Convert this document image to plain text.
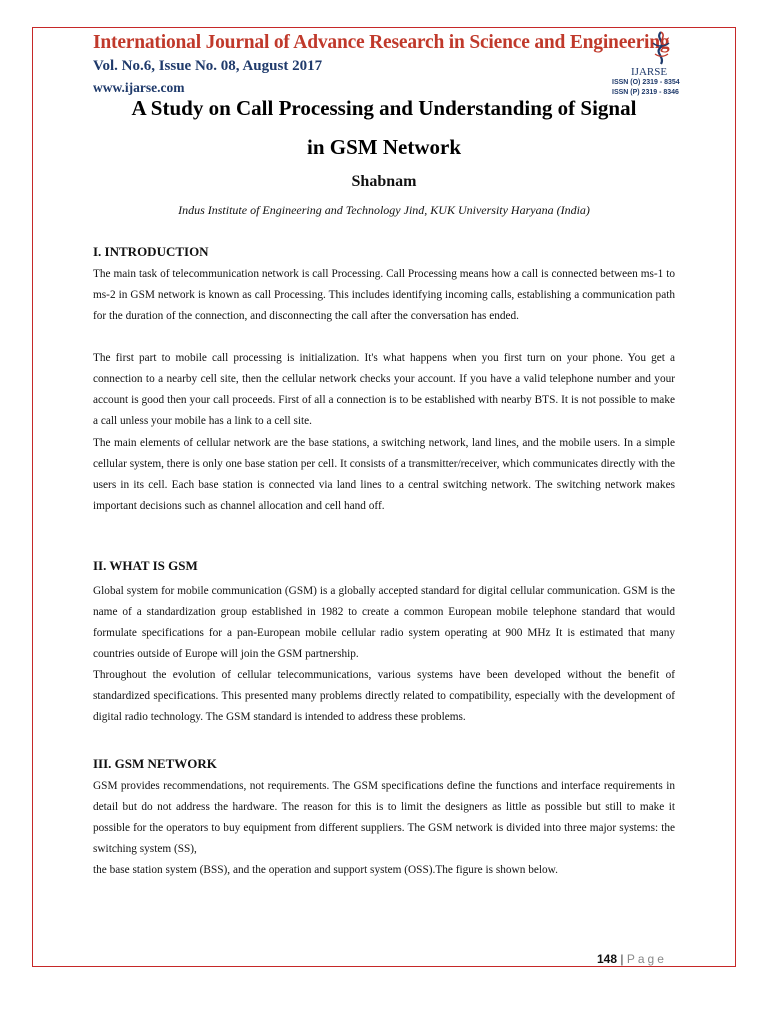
International Journal of Advance Research in Science and Engineering
Vol. No.6, Issue No. 08, August 2017
www.ijarse.com
IJARSE
ISSN (O) 2319 - 8354
ISSN (P) 2319 - 8346
A Study on Call Processing and Understanding of Signal
in GSM Network
Shabnam
Indus Institute of Engineering and Technology Jind, KUK University Haryana (India)
I. INTRODUCTION

The main task of telecommunication network is call Processing. Call Processing means how a call is connected between ms-1 to ms-2 in GSM network is known as call Processing. This includes identifying incoming calls, establishing a communication path for the duration of the connection, and disconnecting the call after the conversation has ended.

The first part to mobile call processing is initialization. It's what happens when you first turn on your phone. You get a connection to a nearby cell site, then the cellular network checks your account. If you have a valid telephone number and your account is good then your call proceeds. First of all a connection is to be established with nearby BTS. It is not possible to make a call unless your mobile has a link to a cell site.

The main elements of cellular network are the base stations, a switching network, land lines, and the mobile users. In a simple cellular system, there is only one base station per cell. It consists of a transmitter/receiver, which communicates directly with the users in its cell. Each base station is connected via land lines to a central switching network. The switching network makes important decisions such as channel allocation and cell hand off.

II. WHAT IS GSM

Global system for mobile communication (GSM) is a globally accepted standard for digital cellular communication. GSM is the name of a standardization group established in 1982 to create a common European mobile telephone standard that would formulate specifications for a pan-European mobile cellular radio system operating at 900 MHz It is estimated that many countries outside of Europe will join the GSM partnership.

Throughout the evolution of cellular telecommunications, various systems have been developed without the benefit of standardized specifications. This presented many problems directly related to compatibility, especially with the development of digital radio technology. The GSM standard is intended to address these problems.

III. GSM NETWORK

GSM provides recommendations, not requirements. The GSM specifications define the functions and interface requirements in detail but do not address the hardware. The reason for this is to limit the designers as little as possible but still to make it possible for the operators to buy equipment from different suppliers. The GSM network is divided into three major systems: the switching system (SS),

the base station system (BSS), and the operation and support system (OSS).The figure is shown below.

148 | Page
